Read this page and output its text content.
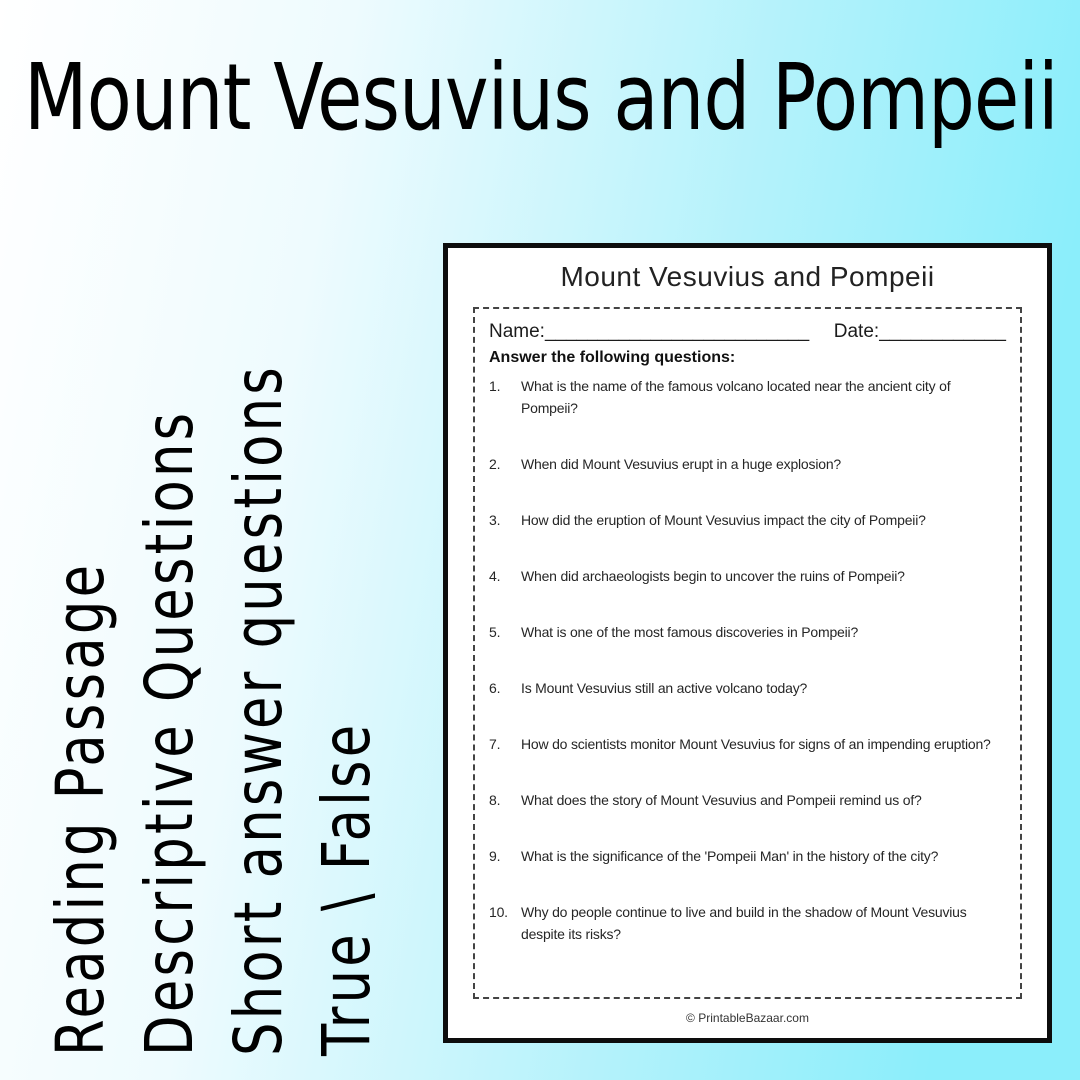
Mount Vesuvius and Pompeii
Reading Passage Descriptive Questions Short answer questions True \ False
Mount Vesuvius and Pompeii
Name:_________________________ Date:____________
Answer the following questions:
1.	What is the name of the famous volcano located near the ancient city of Pompeii?
2.	When did Mount Vesuvius erupt in a huge explosion?
3.	How did the eruption of Mount Vesuvius impact the city of Pompeii?
4.	When did archaeologists begin to uncover the ruins of Pompeii?
5.	What is one of the most famous discoveries in Pompeii?
6.	Is Mount Vesuvius still an active volcano today?
7.	How do scientists monitor Mount Vesuvius for signs of an impending eruption?
8.	What does the story of Mount Vesuvius and Pompeii remind us of?
9.	What is the significance of the 'Pompeii Man' in the history of the city?
10. Why do people continue to live and build in the shadow of Mount Vesuvius despite its risks?
© PrintableBazaar.com
